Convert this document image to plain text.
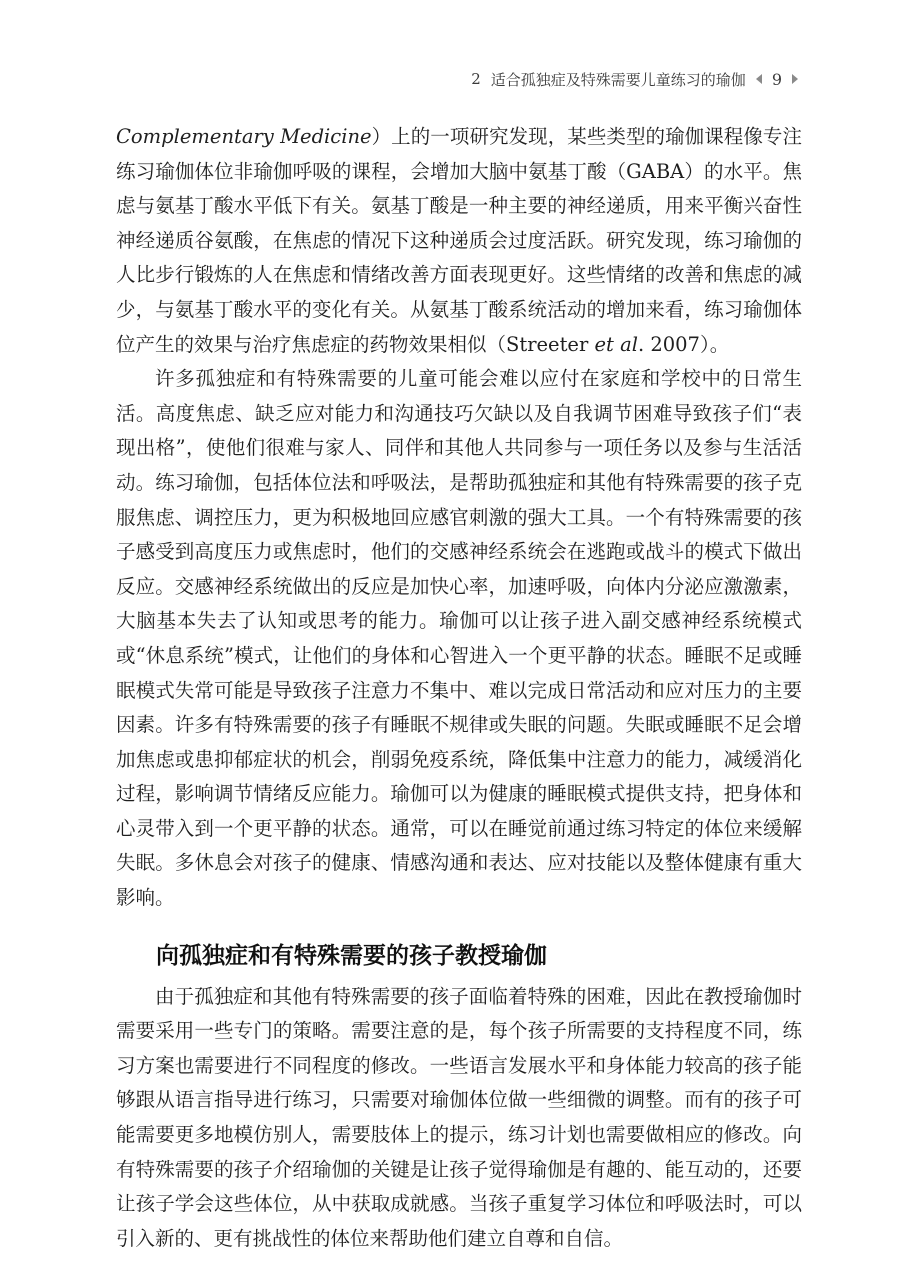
2 适合孤独症及特殊需要儿童练习的瑜伽 9

Complementary Medicine）上的一项研究发现，某些类型的瑜伽课程像专注练习瑜伽体位非瑜伽呼吸的课程，会增加大脑中氨基丁酸（GABA）的水平。焦虑与氨基丁酸水平低下有关。氨基丁酸是一种主要的神经递质，用来平衡兴奋性神经递质谷氨酸，在焦虑的情况下这种递质会过度活跃。研究发现，练习瑜伽的人比步行锻炼的人在焦虑和情绪改善方面表现更好。这些情绪的改善和焦虑的减少，与氨基丁酸水平的变化有关。从氨基丁酸系统活动的增加来看，练习瑜伽体位产生的效果与治疗焦虑症的药物效果相似（Streeter et al. 2007）。

许多孤独症和有特殊需要的儿童可能会难以应付在家庭和学校中的日常生活。高度焦虑、缺乏应对能力和沟通技巧欠缺以及自我调节困难导致孩子们“表现出格”，使他们很难与家人、同伴和其他人共同参与一项任务以及参与生活活动。练习瑜伽，包括体位法和呼吸法，是帮助孤独症和其他有特殊需要的孩子克服焦虑、调控压力，更为积极地回应感官刺激的强大工具。一个有特殊需要的孩子感受到高度压力或焦虑时，他们的交感神经系统会在逃跑或战斗的模式下做出反应。交感神经系统做出的反应是加快心率，加速呼吸，向体内分泌应激激素，大脑基本失去了认知或思考的能力。瑜伽可以让孩子进入副交感神经系统模式或“休息系统”模式，让他们的身体和心智进入一个更平静的状态。睡眠不足或睡眠模式失常可能是导致孩子注意力不集中、难以完成日常活动和应对压力的主要因素。许多有特殊需要的孩子有睡眠不规律或失眠的问题。失眠或睡眠不足会增加焦虑或患抑郁症状的机会，削弱免疫系统，降低集中注意力的能力，减缓消化过程，影响调节情绪反应能力。瑜伽可以为健康的睡眠模式提供支持，把身体和心灵带入到一个更平静的状态。通常，可以在睡觉前通过练习特定的体位来缓解失眠。多休息会对孩子的健康、情感沟通和表达、应对技能以及整体健康有重大影响。

向孤独症和有特殊需要的孩子教授瑜伽

由于孤独症和其他有特殊需要的孩子面临着特殊的困难，因此在教授瑜伽时需要采用一些专门的策略。需要注意的是，每个孩子所需要的支持程度不同，练习方案也需要进行不同程度的修改。一些语言发展水平和身体能力较高的孩子能够跟从语言指导进行练习，只需要对瑜伽体位做一些细微的调整。而有的孩子可能需要更多地模仿别人，需要肢体上的提示，练习计划也需要做相应的修改。向有特殊需要的孩子介绍瑜伽的关键是让孩子觉得瑜伽是有趣的、能互动的，还要让孩子学会这些体位，从中获取成就感。当孩子重复学习体位和呼吸法时，可以引入新的、更有挑战性的体位来帮助他们建立自尊和自信。
